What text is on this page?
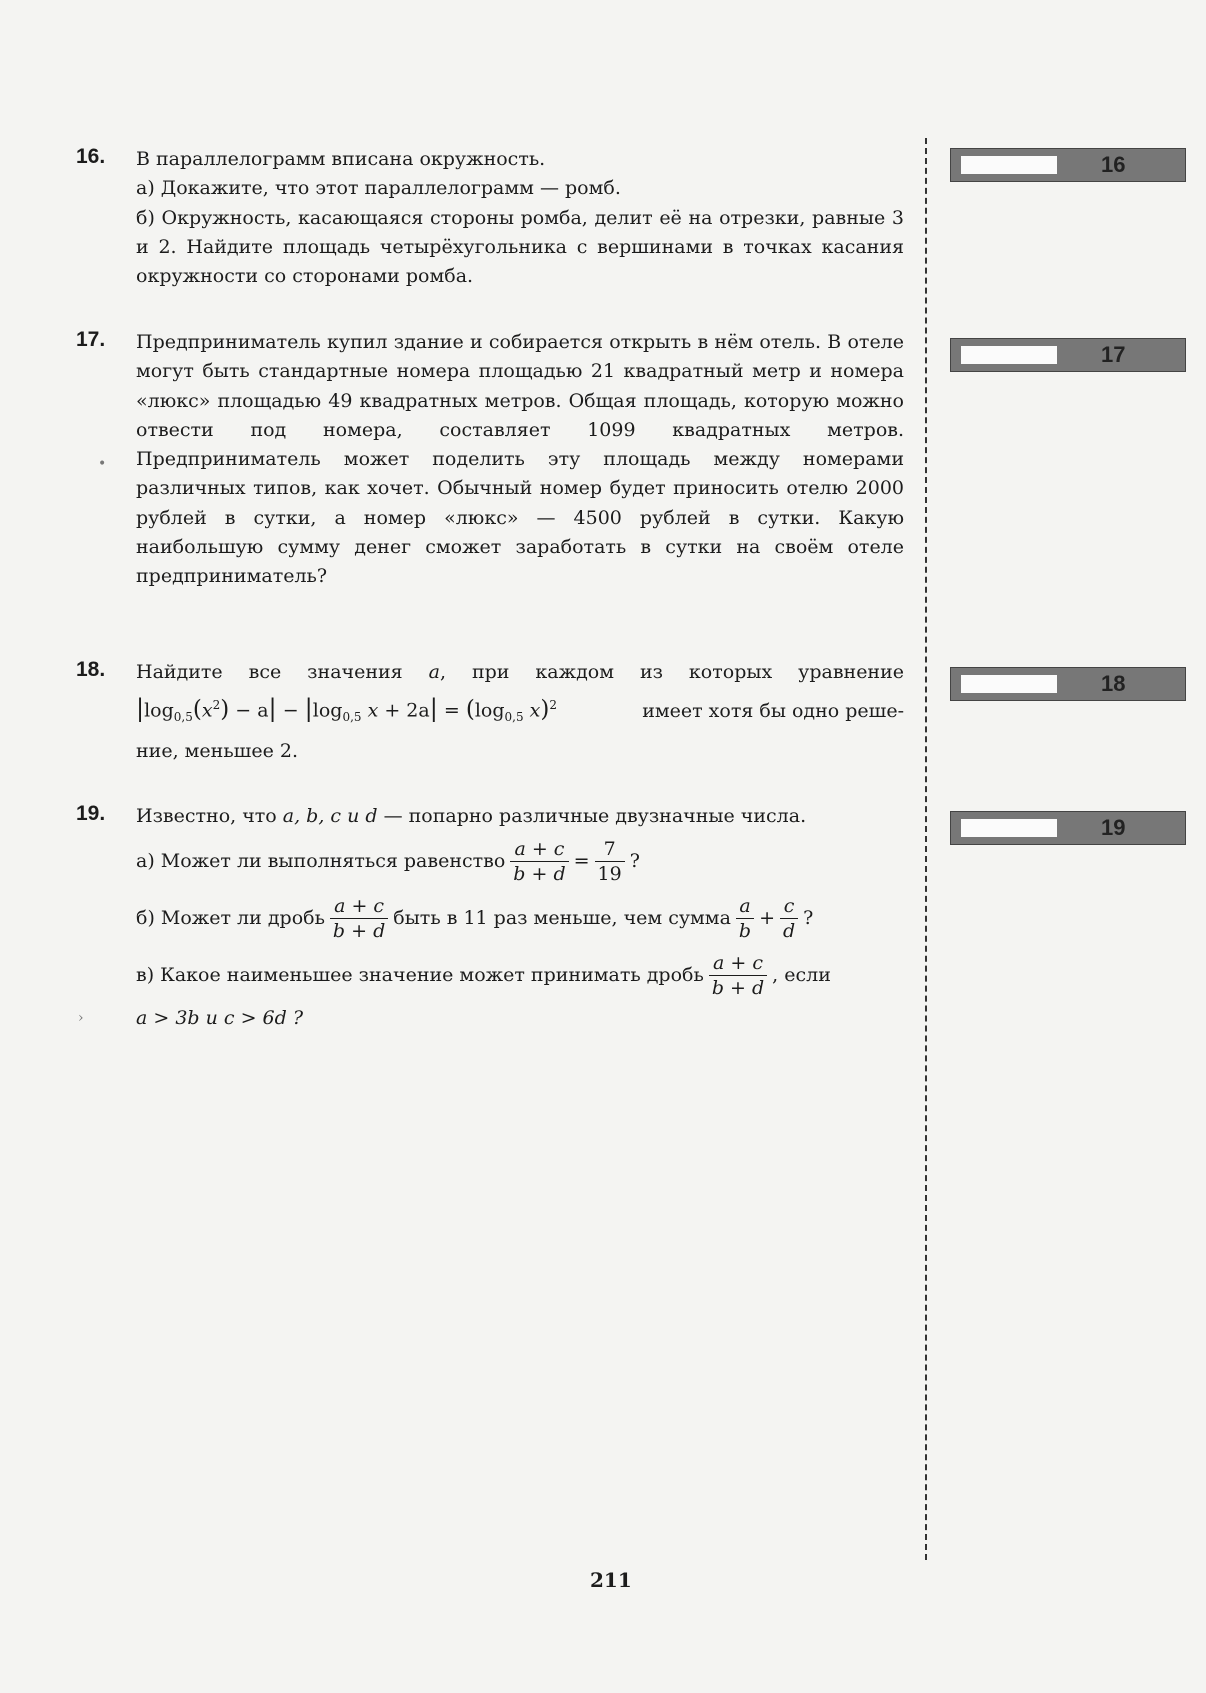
16. В параллелограмм вписана окружность.

а) Докажите, что этот параллелограмм — ромб.

б) Окружность, касающаяся стороны ромба, делит её на отрезки, равные 3 и 2. Найдите площадь четырёхугольника с вершинами в точках касания окружности со сторонами ромба.

17. Предприниматель купил здание и собирается открыть в нём отель. В отеле могут быть стандартные номера площадью 21 квадратный метр и номера «люкс» площадью 49 квадратных метров. Общая площадь, которую можно отвести под номера, составляет 1099 квадратных метров. Предприниматель может поделить эту площадь между номерами различных типов, как хочет. Обычный номер будет приносить отелю 2000 рублей в сутки, а номер «люкс» — 4500 рублей в сутки. Какую наибольшую сумму денег сможет заработать в сутки на своём отеле предприниматель?

18. Найдите все значения a, при каждом из которых уравнение

$|\log_{0,5}(x^2) - a| - |\log_{0,5}$ $x + 2a| = (\log_{0,5}$ x)$^2$	имеет хотя бы одно реше-

ние, меньшее 2.

19. Известно, что
a, b, c и d
— попарно различные двузначные числа.
а) Может ли выполняться равенство $\frac{a + c}{b + d} = \frac{7}{19}$ ?
б) Может ли дробь $\frac{a + c}{b + d}$ быть в 11 раз меньше, чем сумма $\frac{a}{b} + \frac{c}{d}$ ?
в) Какое наименьшее значение может принимать дробь $\frac{a + c}{b + d}$ , если

a > 3b и c > 6d ?

16
17
18
19
211
•
›
